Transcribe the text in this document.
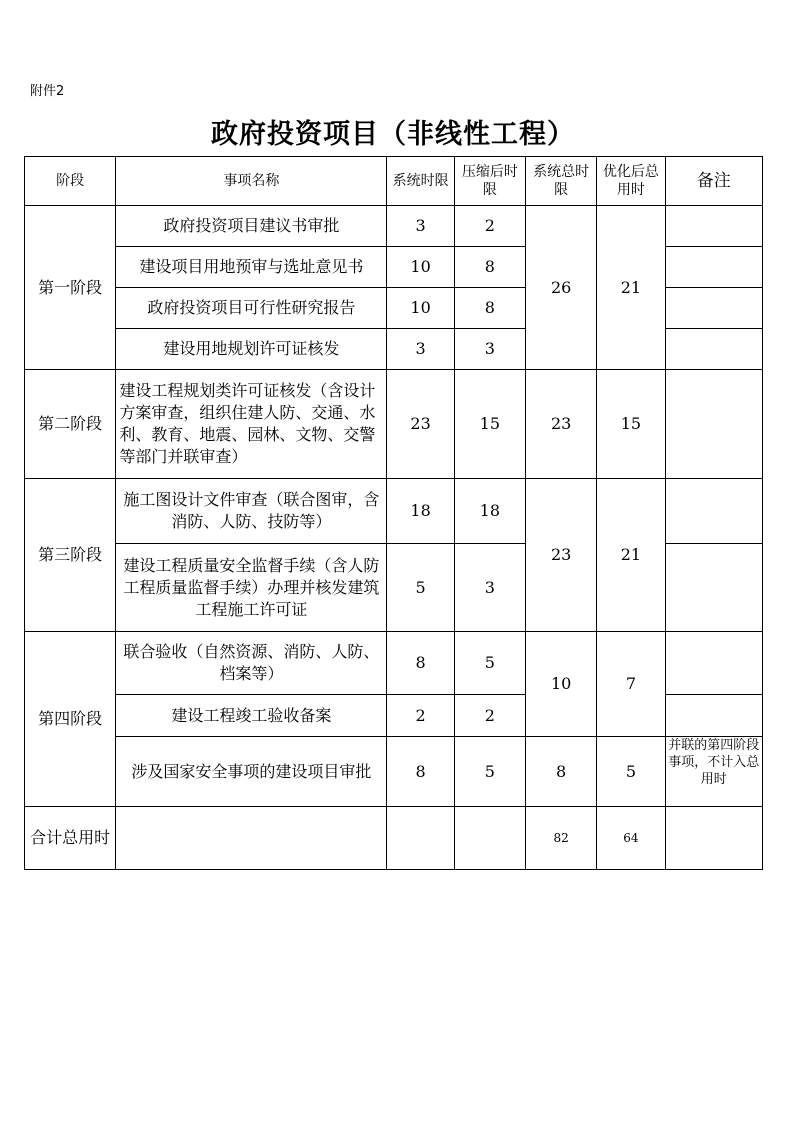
附件2
政府投资项目（非线性工程）
阶段	事项名称	系统时限	压缩后时限	系统总时限	优化后总用时	备注
第一阶段	政府投资项目建议书审批	3	2	26	21	
	建设项目用地预审与选址意见书	10	8			
	政府投资项目可行性研究报告	10	8			
	建设用地规划许可证核发	3	3			
第二阶段	建设工程规划类许可证核发（含设计方案审查，组织住建人防、交通、水利、教育、地震、园林、文物、交警等部门并联审查）	23	15	23	15	
第三阶段	施工图设计文件审查（联合图审，含消防、人防、技防等）	18	18	23	21	
	建设工程质量安全监督手续（含人防工程质量监督手续）办理并核发建筑工程施工许可证	5	3			
第四阶段	联合验收（自然资源、消防、人防、档案等）	8	5	10	7	
	建设工程竣工验收备案	2	2			
	涉及国家安全事项的建设项目审批	8	5	8	5	并联的第四阶段事项，不计入总用时

合计总用时				82	64	
